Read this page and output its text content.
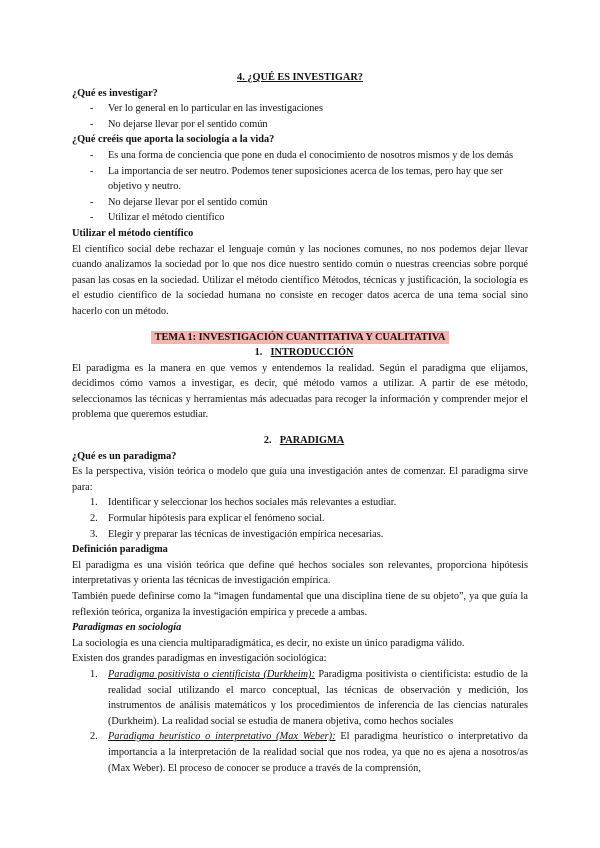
4. ¿QUÉ ES INVESTIGAR?

¿Qué es investigar?

- Ver lo general en lo particular en las investigaciones

- No dejarse llevar por el sentido común

¿Qué creéis que aporta la sociología a la vida?

- Es una forma de conciencia que pone en duda el conocimiento de nosotros mismos y de los demás

- La importancia de ser neutro. Podemos tener suposiciones acerca de los temas, pero hay que ser objetivo y neutro.

- No dejarse llevar por el sentido común

- Utilizar el método científico

Utilizar el método científico

El científico social debe rechazar el lenguaje común y las nociones comunes, no nos podemos dejar llevar cuando analizamos la sociedad por lo que nos dice nuestro sentido común o nuestras creencias sobre porqué pasan las cosas en la sociedad. Utilizar el método científico Métodos, técnicas y justificación, la sociología es el estudio científico de la sociedad humana no consiste en recoger datos acerca de una tema social sino hacerlo con un método.

TEMA 1: INVESTIGACIÓN CUANTITATIVA Y CUALITATIVA

1. INTRODUCCIÓN

El paradigma es la manera en que vemos y entendemos la realidad. Según el paradigma que elijamos, decidimos cómo vamos a investigar, es decir, qué método vamos a utilizar. A partir de ese método, seleccionamos las técnicas y herramientas más adecuadas para recoger la información y comprender mejor el problema que queremos estudiar.

2. PARADIGMA

¿Qué es un paradigma?

Es la perspectiva, visión teórica o modelo que guía una investigación antes de comenzar. El paradigma sirve para:

1. Identificar y seleccionar los hechos sociales más relevantes a estudiar.

2. Formular hipótesis para explicar el fenómeno social.

3. Elegir y preparar las técnicas de investigación empírica necesarias.

Definición paradigma

El paradigma es una visión teórica que define qué hechos sociales son relevantes, proporciona hipótesis interpretativas y orienta las técnicas de investigación empírica.

También puede definirse como la “imagen fundamental que una disciplina tiene de su objeto”, ya que guía la reflexión teórica, organiza la investigación empírica y precede a ambas.

Paradigmas en sociología

La sociología es una ciencia multiparadigmática, es decir, no existe un único paradigma válido.

Existen dos grandes paradigmas en investigación sociológica:

1. Paradigma positivista o cientificista (Durkheim): Paradigma positivista o cientificista: estudio de la realidad social utilizando el marco conceptual, las técnicas de observación y medición, los instrumentos de análisis matemáticos y los procedimientos de inferencia de las ciencias naturales (Durkheim). La realidad social se estudia de manera objetiva, como hechos sociales

2. Paradigma heurístico o interpretativo (Max Weber): El paradigma heurístico o interpretativo da importancia a la interpretación de la realidad social que nos rodea, ya que no es ajena a nosotros/as (Max Weber). El proceso de conocer se produce a través de la comprensión,
